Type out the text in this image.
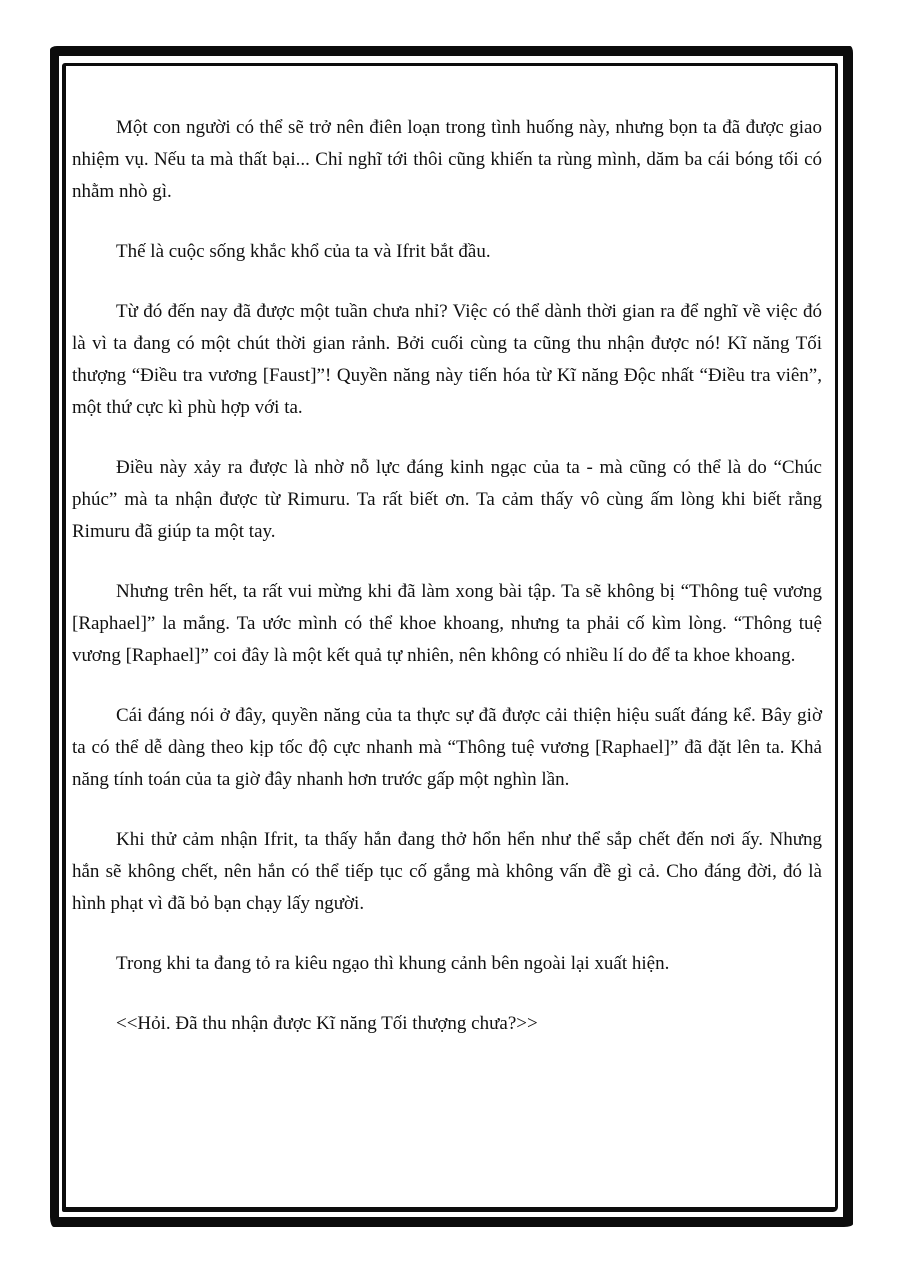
Một con người có thể sẽ trở nên điên loạn trong tình huống này, nhưng bọn ta đã được giao nhiệm vụ. Nếu ta mà thất bại... Chỉ nghĩ tới thôi cũng khiến ta rùng mình, dăm ba cái bóng tối có nhằm nhò gì.

Thế là cuộc sống khắc khổ của ta và Ifrit bắt đầu.

Từ đó đến nay đã được một tuần chưa nhỉ? Việc có thể dành thời gian ra để nghĩ về việc đó là vì ta đang có một chút thời gian rảnh. Bởi cuối cùng ta cũng thu nhận được nó! Kĩ năng Tối thượng “Điều tra vương [Faust]”! Quyền năng này tiến hóa từ Kĩ năng Độc nhất “Điều tra viên”, một thứ cực kì phù hợp với ta.

Điều này xảy ra được là nhờ nỗ lực đáng kinh ngạc của ta - mà cũng có thể là do “Chúc phúc” mà ta nhận được từ Rimuru. Ta rất biết ơn. Ta cảm thấy vô cùng ấm lòng khi biết rằng Rimuru đã giúp ta một tay.

Nhưng trên hết, ta rất vui mừng khi đã làm xong bài tập. Ta sẽ không bị “Thông tuệ vương [Raphael]” la mắng. Ta ước mình có thể khoe khoang, nhưng ta phải cố kìm lòng. “Thông tuệ vương [Raphael]” coi đây là một kết quả tự nhiên, nên không có nhiều lí do để ta khoe khoang.

Cái đáng nói ở đây, quyền năng của ta thực sự đã được cải thiện hiệu suất đáng kể. Bây giờ ta có thể dễ dàng theo kịp tốc độ cực nhanh mà “Thông tuệ vương [Raphael]” đã đặt lên ta. Khả năng tính toán của ta giờ đây nhanh hơn trước gấp một nghìn lần.

Khi thử cảm nhận Ifrit, ta thấy hắn đang thở hổn hển như thể sắp chết đến nơi ấy. Nhưng hắn sẽ không chết, nên hắn có thể tiếp tục cố gắng mà không vấn đề gì cả. Cho đáng đời, đó là hình phạt vì đã bỏ bạn chạy lấy người.

Trong khi ta đang tỏ ra kiêu ngạo thì khung cảnh bên ngoài lại xuất hiện.

<<Hỏi. Đã thu nhận được Kĩ năng Tối thượng chưa?>>
